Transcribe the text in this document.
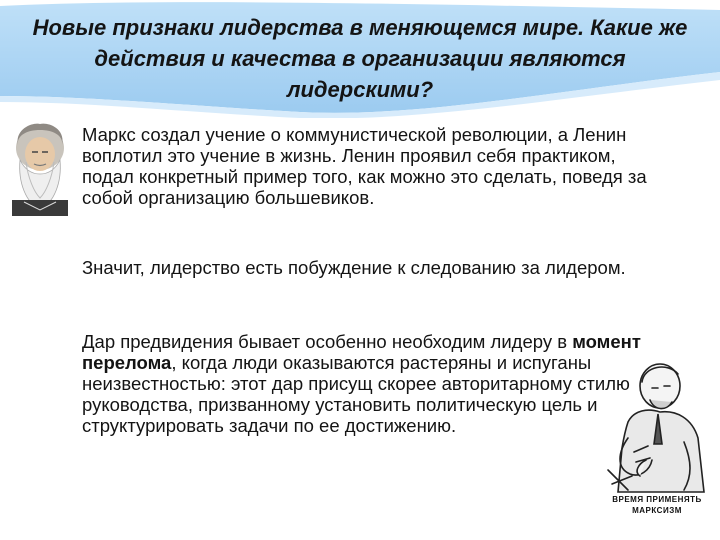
Новые признаки лидерства в меняющемся мире. Какие же действия и качества в организации являются лидерскими?
Маркс создал учение о коммунистической революции, а Ленин воплотил это учение в жизнь. Ленин проявил себя практиком, подал конкретный пример того, как можно это сделать, поведя за собой организацию большевиков.
Значит, лидерство есть побуждение к следованию за лидером.
Дар предвидения бывает особенно необходим лидеру в момент перелома, когда люди оказываются растеряны и испуганы неизвестностью: этот дар присущ скорее авторитарному стилю руководства, призванному установить политическую цель и структурировать задачи по ее достижению.
ВРЕМЯ ПРИМЕНЯТЬ
МАРКСИЗМ
